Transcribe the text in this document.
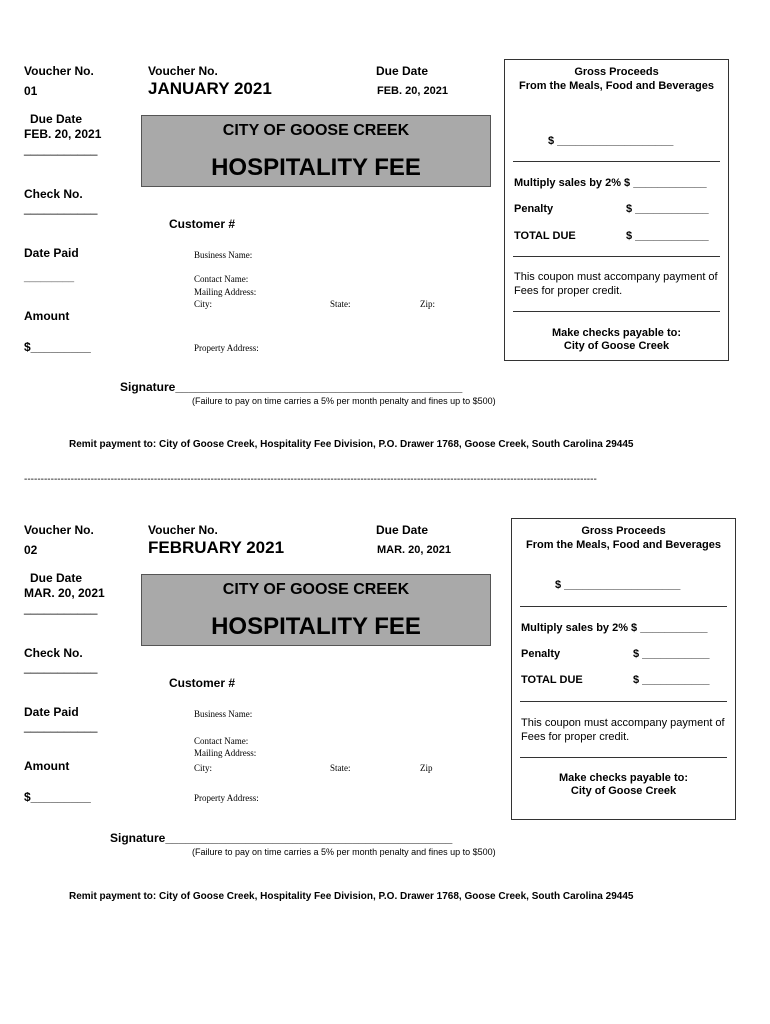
Voucher No.
01
Voucher No.
JANUARY 2021
Due Date
FEB. 20, 2021
Due Date
FEB. 20, 2021
___________
Check No.
___________
Date Paid
_________
Amount
$_________
CITY OF GOOSE CREEK
HOSPITALITY FEE
Customer #
Business Name:
Contact Name:
Mailing Address:
City:	State:	Zip:
Property Address:
Gross Proceeds
From the Meals, Food and Beverages
$ ___________________
Multiply sales by 2% $ ____________
Penalty	$ ____________
TOTAL DUE	$ ____________
This coupon must accompany payment of Fees for proper credit.
Make checks payable to:
City of Goose Creek
Signature___________________________________________
(Failure to pay on time carries a 5% per month penalty and fines up to $500)
Remit payment to: City of Goose Creek, Hospitality Fee Division, P.O. Drawer 1768, Goose Creek, South Carolina 29445
----------------------------------------------------------------------------------------------------------------------------------------------------------------------------
Voucher No.
02
Voucher No.
FEBRUARY 2021
Due Date
MAR. 20, 2021
Due Date
MAR. 20, 2021
___________
Check No.
___________
Date Paid
___________
Amount
$_________
CITY OF GOOSE CREEK
HOSPITALITY FEE
Customer #
Business Name:
Contact Name:
Mailing Address:
City:	State:	Zip
Property Address:
Gross Proceeds
From the Meals, Food and Beverages
$ ___________________
Multiply sales by 2% $ ___________
Penalty	$ ___________
TOTAL DUE	$ ___________
This coupon must accompany payment of Fees for proper credit.
Make checks payable to:
City of Goose Creek
Signature___________________________________________
(Failure to pay on time carries a 5% per month penalty and fines up to $500)
Remit payment to: City of Goose Creek, Hospitality Fee Division, P.O. Drawer 1768, Goose Creek, South Carolina 29445
